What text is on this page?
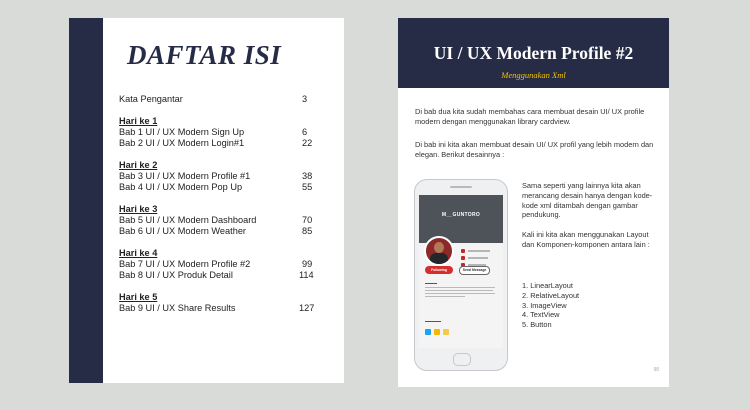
DAFTAR ISI
Kata Pengantar	3
Hari ke 1
Bab 1 UI / UX Modern Sign Up	6
Bab 2 UI / UX Modern Login#1	22
Hari ke 2
Bab 3 UI / UX Modern Profile #1	38
Bab 4 UI / UX Modern Pop Up	55
Hari ke 3
Bab 5 UI / UX Modern Dashboard	70
Bab 6 UI / UX Modern Weather	85
Hari ke 4
Bab 7 UI / UX Modern Profile #2	99
Bab 8 UI / UX Produk Detail	114
Hari ke 5
Bab 9 UI / UX Share Results	127
UI / UX Modern Profile #2
Menggunakan Xml
Di bab dua kita sudah membahas cara membuat desain UI/ UX profile modern dengan menggunakan library cardview.
Di bab ini kita akan membuat desain UI/ UX profil yang lebih modern dan elegan. Berikut desainnya :
M__GUNTORO
Following	Send Message
Sama seperti yang lainnya kita akan merancang desain hanya dengan kode-kode xml ditambah dengan gambar pendukung.
Kali ini kita akan menggunakan Layout dan Komponen-komponen antara lain :
1. LinearLayout
2. RelativeLayout
3. ImageView
4. TextView
5. Button
98
